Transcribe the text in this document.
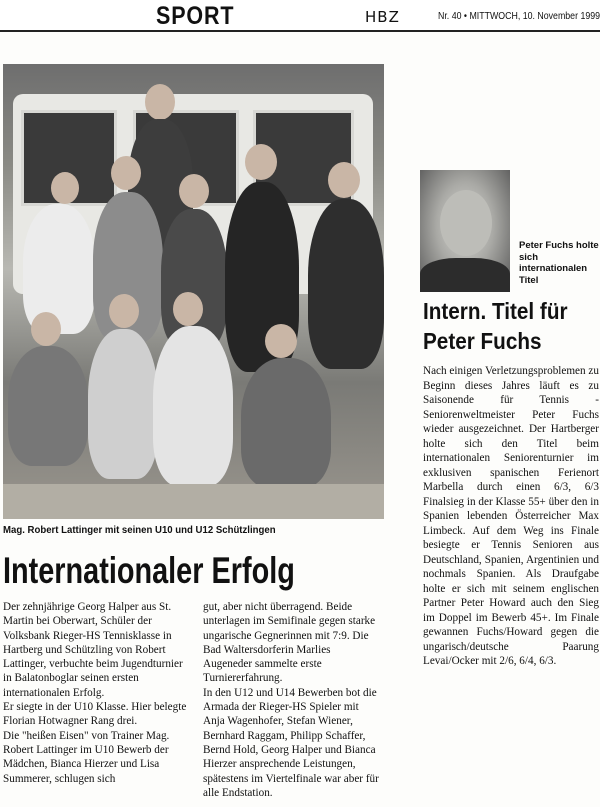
SPORT	HBZ	Nr. 40 • MITTWOCH, 10. November 1999
Mag. Robert Lattinger mit seinen U10 und U12 Schützlingen
Internationaler Erfolg

Der zehnjährige Georg Halper aus St. Martin bei Oberwart, Schüler der Volksbank Rieger-HS Tennisklasse in Hartberg und Schützling von Robert Lattinger, verbuchte beim Jugendturnier in Balatonboglar seinen ersten internationalen Erfolg.

Er siegte in der U10 Klasse. Hier belegte Florian Hotwagner Rang drei.

Die "heißen Eisen" von Trainer Mag. Robert Lattinger im U10 Bewerb der Mädchen, Bianca Hierzer und Lisa Summerer, schlugen sich

gut, aber nicht überragend. Beide unterlagen im Semifinale gegen starke ungarische Gegnerinnen mit 7:9. Die Bad Waltersdorferin Marlies Augeneder sammelte erste Turniererfahrung.

In den U12 und U14 Bewerben bot die Armada der Rieger-HS Spieler mit Anja Wagenhofer, Stefan Wiener, Bernhard Raggam, Philipp Schaffer, Bernd Hold, Georg Halper und Bianca Hierzer ansprechende Leistungen, spätestens im Viertelfinale war aber für alle Endstation.

Peter Fuchs holte sich internationalen Titel
Intern. Titel für Peter Fuchs

Nach einigen Verletzungsproblemen zu Beginn dieses Jahres läuft es zu Saisonende für Tennis - Seniorenweltmeister Peter Fuchs wieder ausgezeichnet. Der Hartberger holte sich den Titel beim internationalen Seniorenturnier im exklusiven spanischen Ferienort Marbella durch einen 6/3, 6/3 Finalsieg in der Klasse 55+ über den in Spanien lebenden Österreicher Max Limbeck. Auf dem Weg ins Finale besiegte er Tennis Senioren aus Deutschland, Spanien, Argentinien und nochmals Spanien. Als Draufgabe holte er sich mit seinem englischen Partner Peter Howard auch den Sieg im Doppel im Bewerb 45+. Im Finale gewannen Fuchs/Howard gegen die ungarisch/deutsche Paarung Levai/Ocker mit 2/6, 6/4, 6/3.
